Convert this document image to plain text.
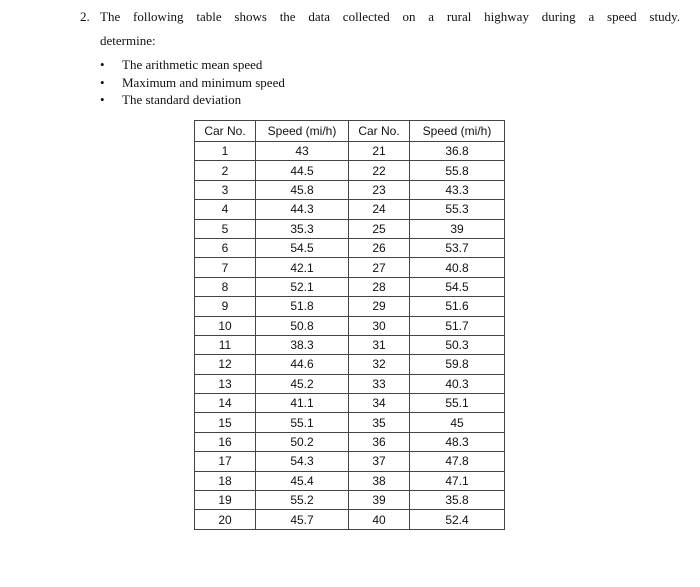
2. The following table shows the data collected on a rural highway during a speed study.
determine:
•	The arithmetic mean speed
•	Maximum and minimum speed
•	The standard deviation
Car No.	Speed (mi/h)	Car No.	Speed (mi/h)
1	43	21	36.8
2	44.5	22	55.8
3	45.8	23	43.3
4	44.3	24	55.3
5	35.3	25	39
6	54.5	26	53.7
7	42.1	27	40.8
8	52.1	28	54.5
9	51.8	29	51.6
10	50.8	30	51.7
11	38.3	31	50.3
12	44.6	32	59.8
13	45.2	33	40.3
14	41.1	34	55.1
15	55.1	35	45
16	50.2	36	48.3
17	54.3	37	47.8
18	45.4	38	47.1
19	55.2	39	35.8
20	45.7	40	52.4
